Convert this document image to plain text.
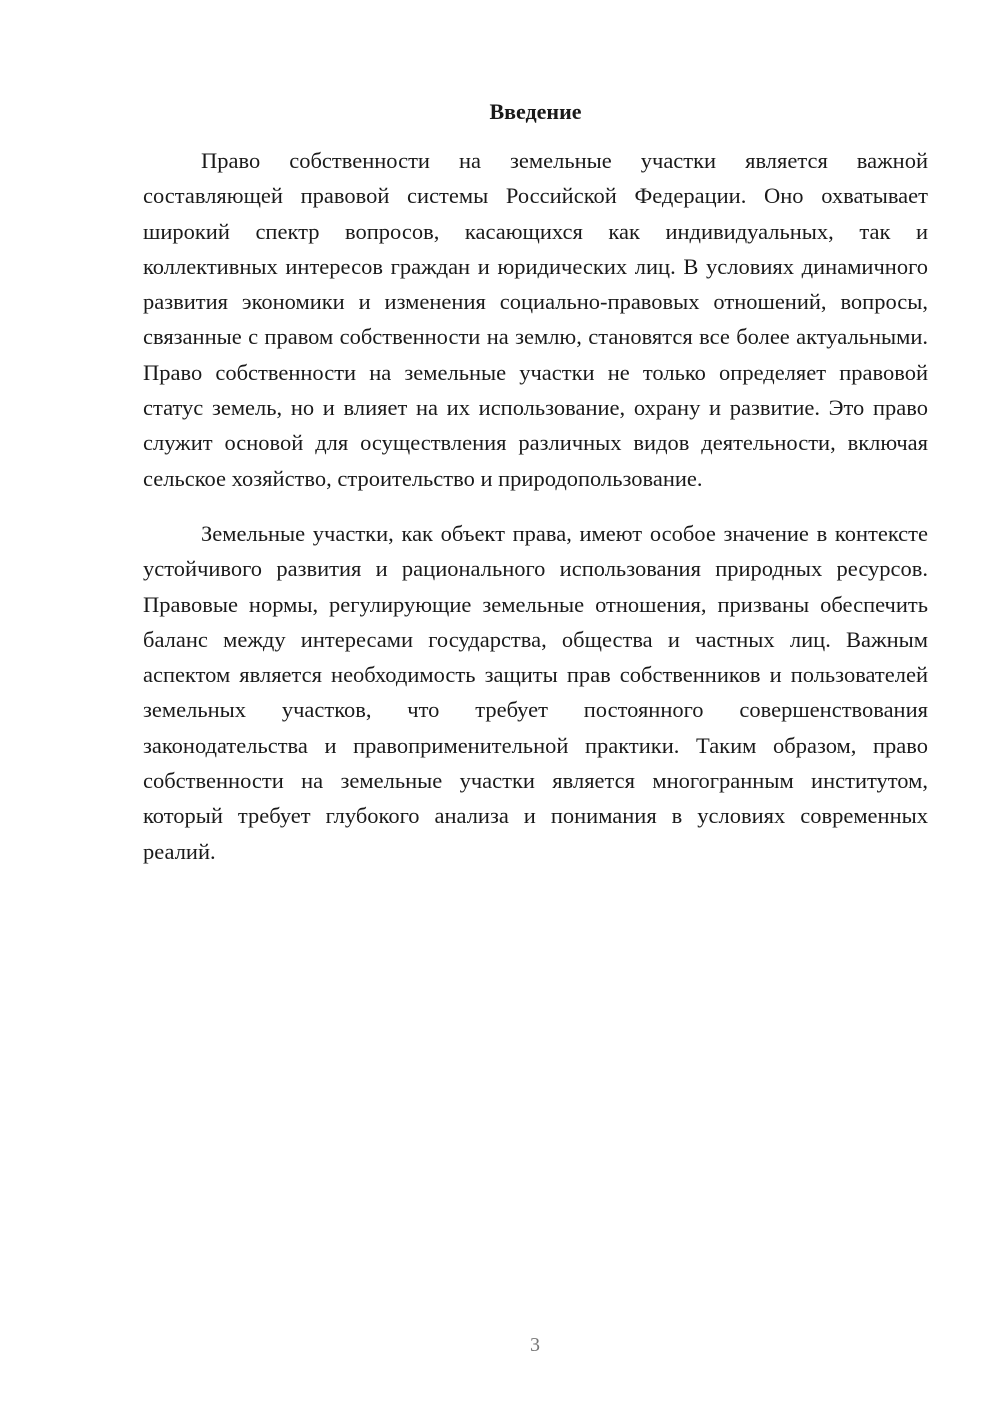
Введение

Право собственности на земельные участки является важной составляющей правовой системы Российской Федерации. Оно охватывает широкий спектр вопросов, касающихся как индивидуальных, так и коллективных интересов граждан и юридических лиц. В условиях динамичного развития экономики и изменения социально-правовых отношений, вопросы, связанные с правом собственности на землю, становятся все более актуальными. Право собственности на земельные участки не только определяет правовой статус земель, но и влияет на их использование, охрану и развитие. Это право служит основой для осуществления различных видов деятельности, включая сельское хозяйство, строительство и природопользование.

Земельные участки, как объект права, имеют особое значение в контексте устойчивого развития и рационального использования природных ресурсов. Правовые нормы, регулирующие земельные отношения, призваны обеспечить баланс между интересами государства, общества и частных лиц. Важным аспектом является необходимость защиты прав собственников и пользователей земельных участков, что требует постоянного совершенствования законодательства и правоприменительной практики. Таким образом, право собственности на земельные участки является многогранным институтом, который требует глубокого анализа и понимания в условиях современных реалий.

3
